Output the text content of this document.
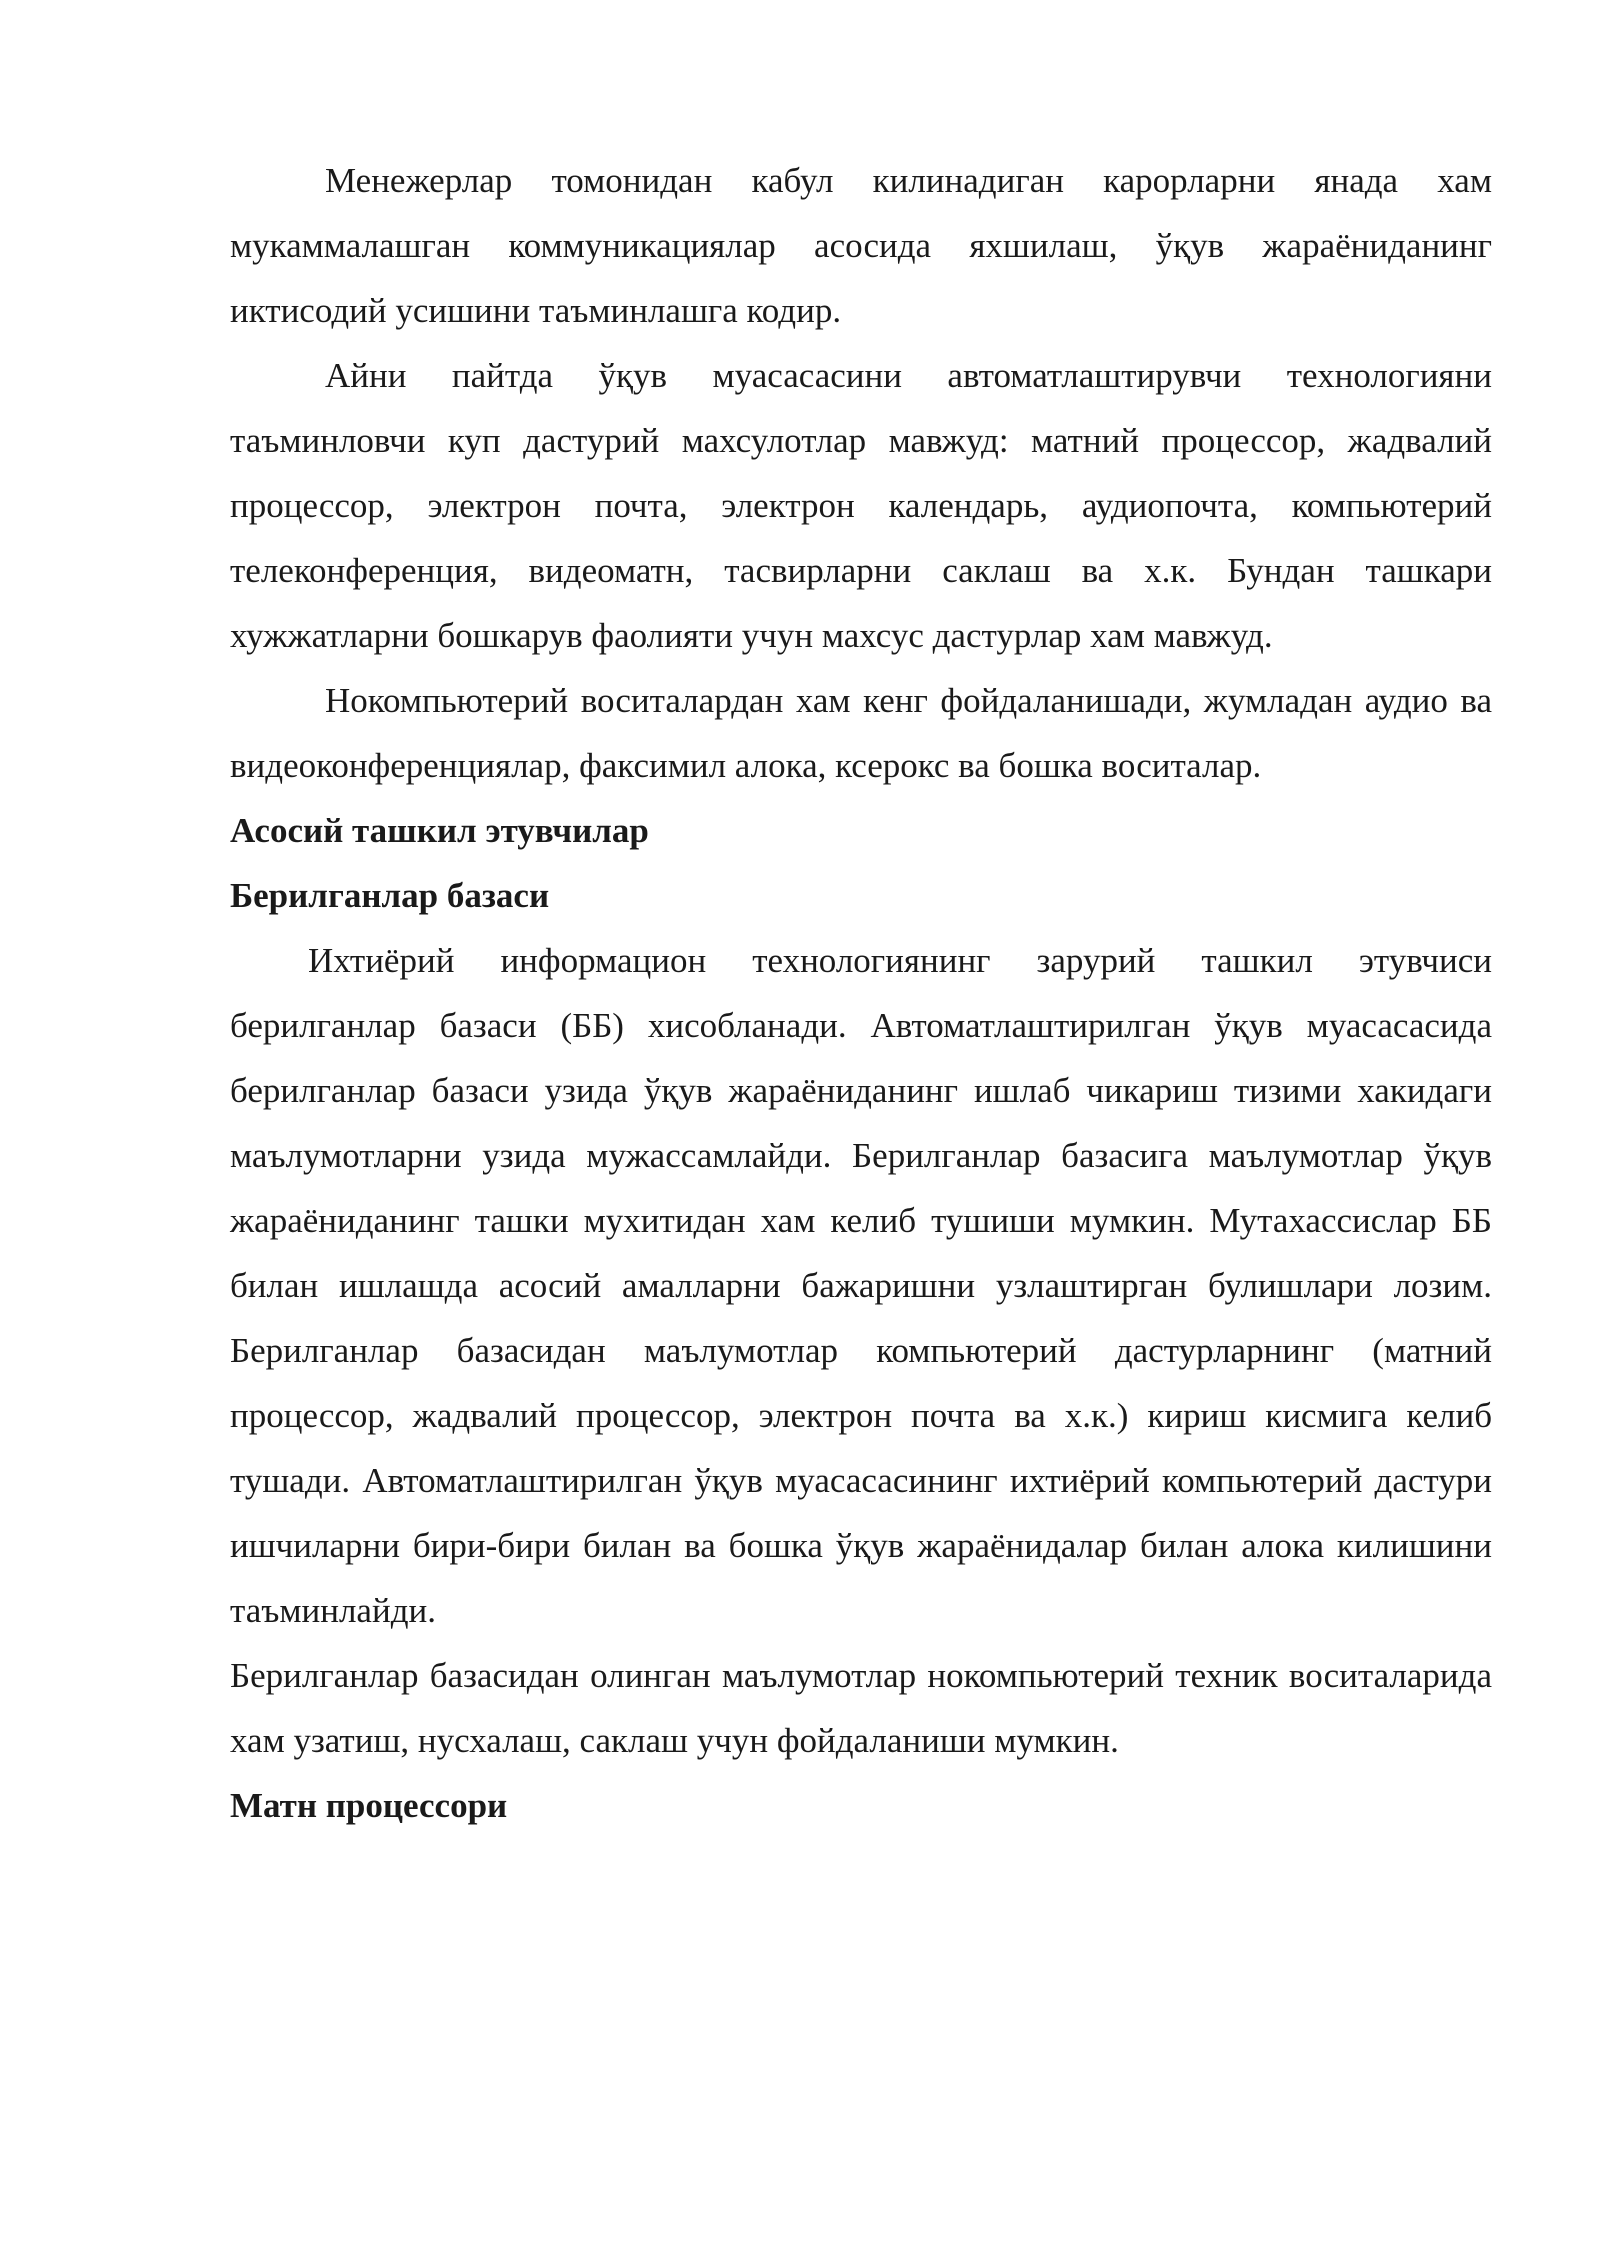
Менежерлар томонидан кабул килинадиган карорларни янада хам мукаммалашган коммуникациялар асосида яхшилаш, ўқув жараёниданинг иктисодий усишини таъминлашга кодир.

Айни пайтда ўқув муасасасини автоматлаштирувчи технологияни таъминловчи куп дастурий махсулотлар мавжуд: матний процессор, жадвалий процессор, электрон почта, электрон календарь, аудиопочта, компьютерий телеконференция, видеоматн, тасвирларни саклаш ва х.к. Бундан ташкари хужжатларни бошкарув фаолияти учун махсус дастурлар хам мавжуд.

Нокомпьютерий воситалардан хам кенг фойдаланишади, жумладан аудио ва видеоконференциялар, факсимил алока, ксерокс ва бошка воситалар.

Асосий ташкил этувчилар

Берилганлар базаси

Ихтиёрий информацион технологиянинг зарурий ташкил этувчиси берилганлар базаси (ББ) хисобланади. Автоматлаштирилган ўқув муасасасида берилганлар базаси узида ўқув жараёниданинг ишлаб чикариш тизими хакидаги маълумотларни узида мужассамлайди. Берилганлар базасига маълумотлар ўқув жараёниданинг ташки мухитидан хам келиб тушиши мумкин. Мутахассислар ББ билан ишлашда асосий амалларни бажаришни узлаштирган булишлари лозим. Берилганлар базасидан маълумотлар компьютерий дастурларнинг (матний процессор, жадвалий процессор, электрон почта ва х.к.) кириш кисмига келиб тушади. Автоматлаштирилган ўқув муасасасининг ихтиёрий компьютерий дастури ишчиларни бири-бири билан ва бошка ўқув жараёнидалар билан алока килишини таъминлайди.

Берилганлар базасидан олинган маълумотлар нокомпьютерий техник воситаларида хам узатиш, нусхалаш, саклаш учун фойдаланиши мумкин.

Матн процессори
